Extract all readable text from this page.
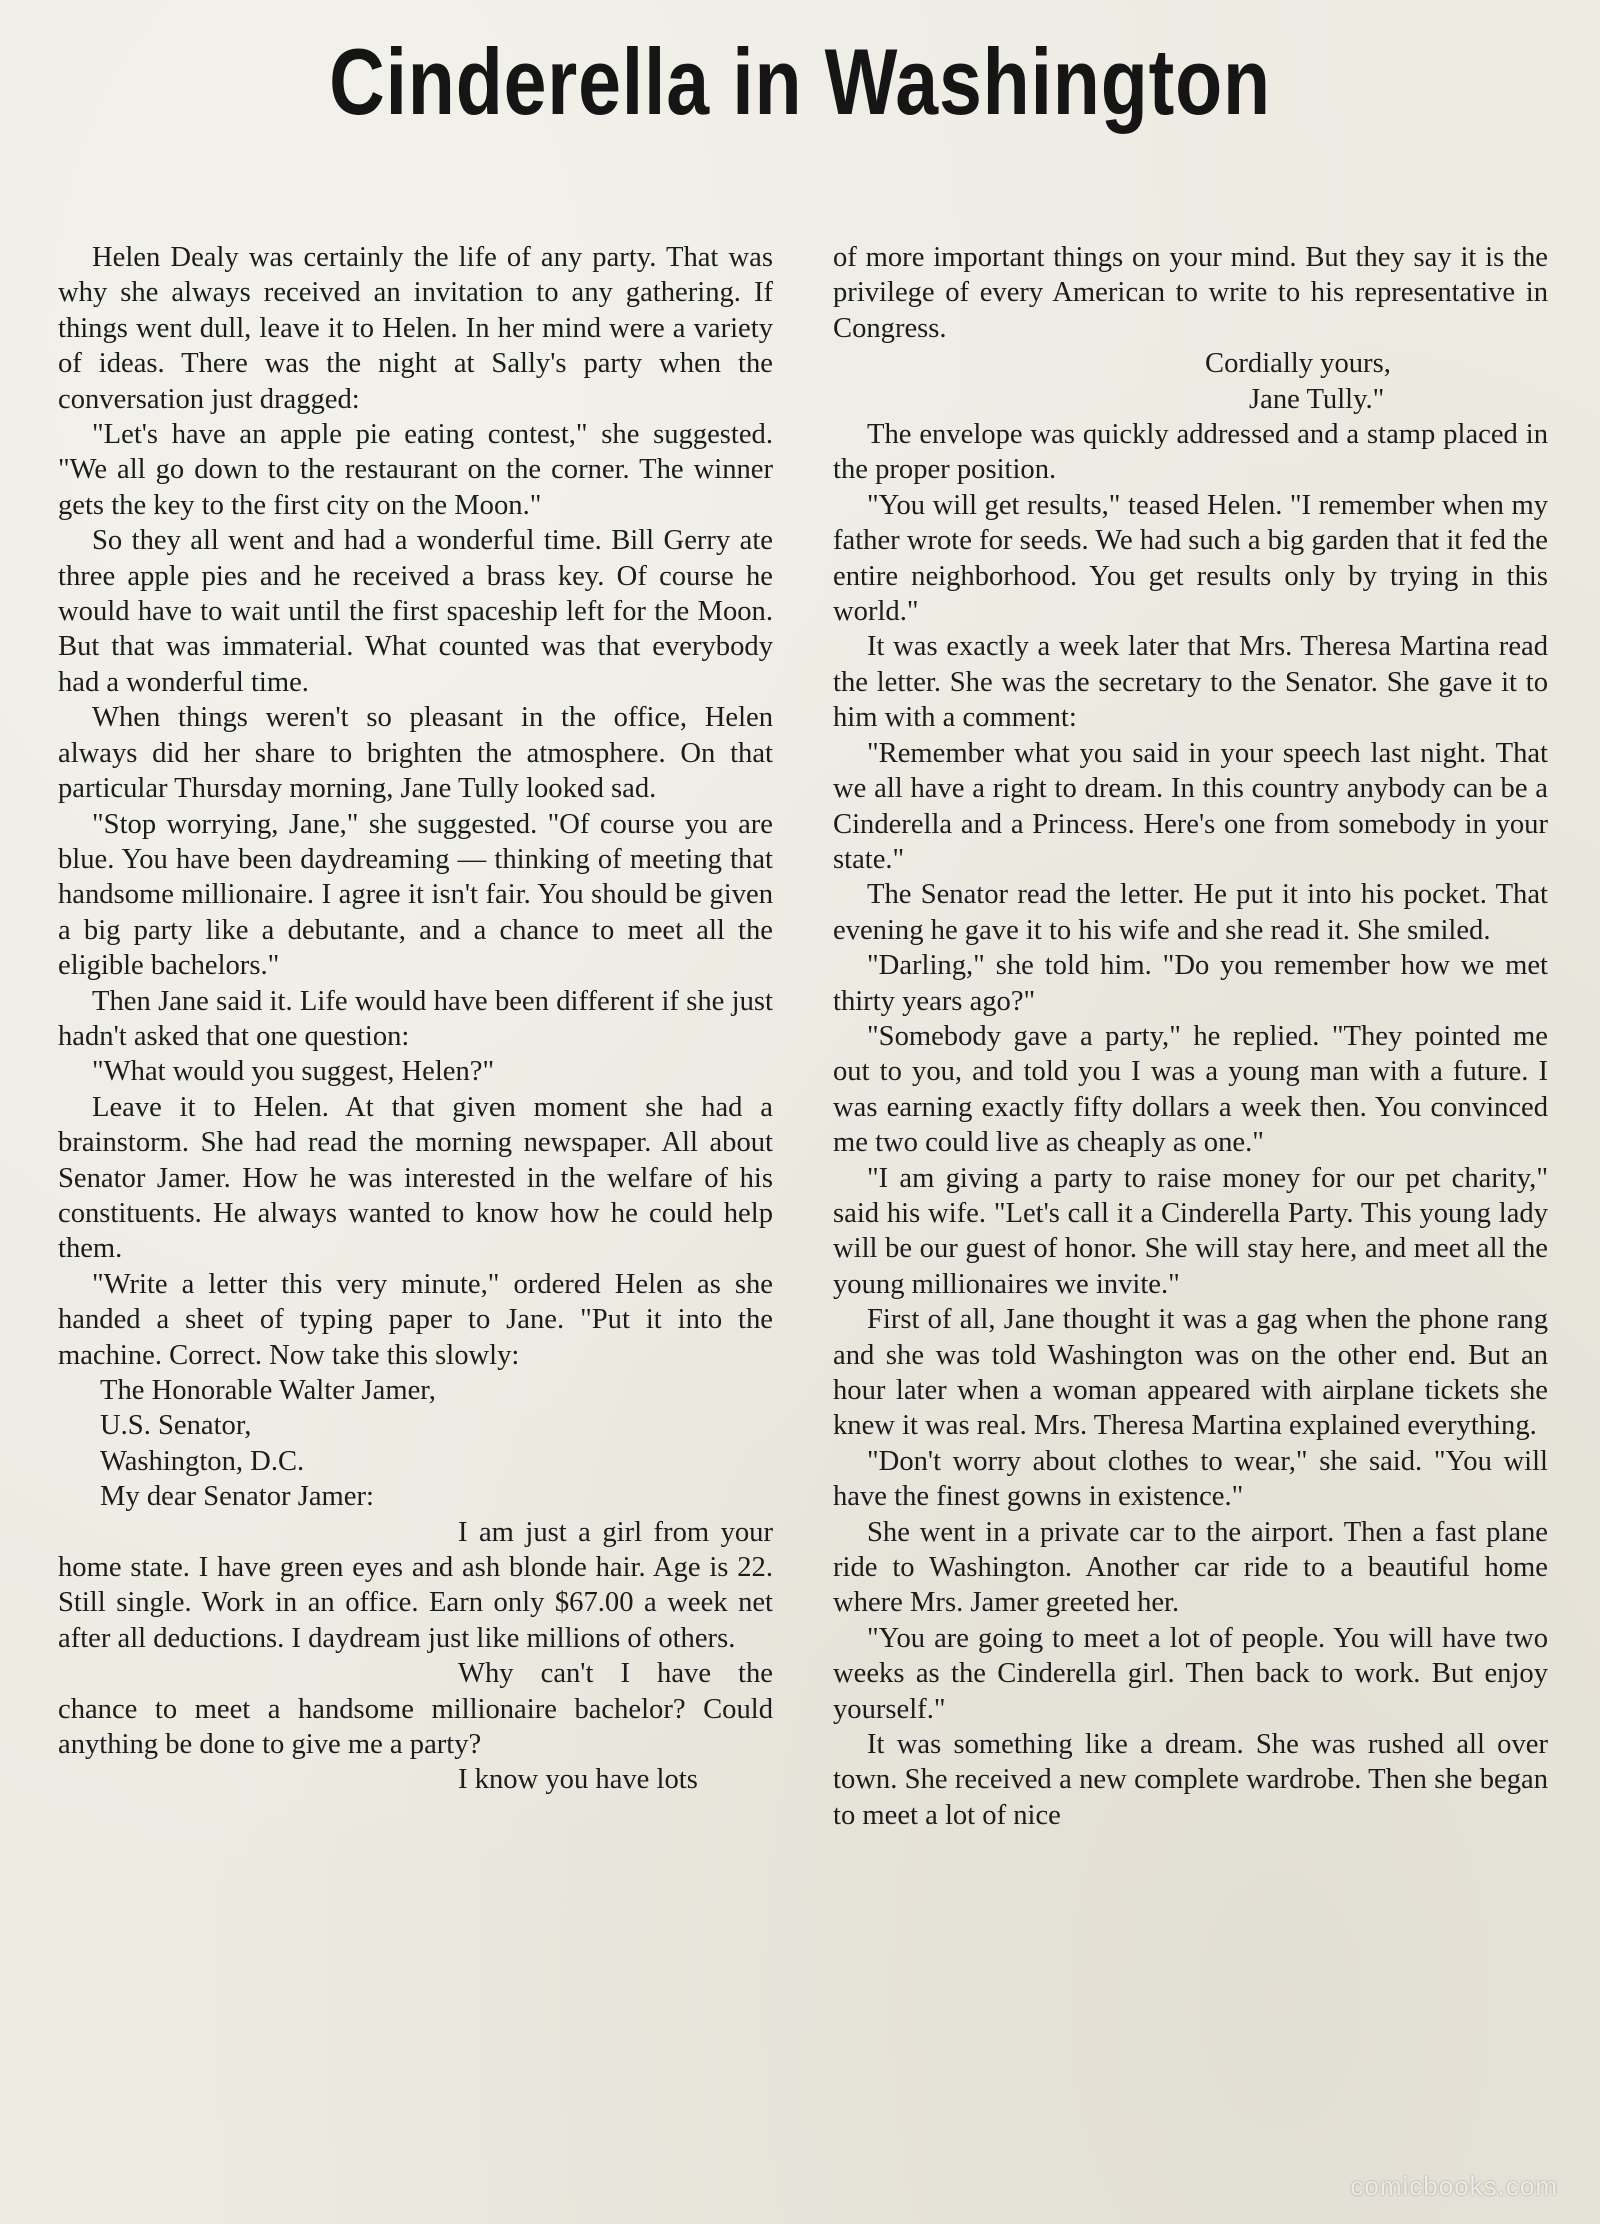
Cinderella in Washington

Helen Dealy was certainly the life of any party. That was why she always received an invitation to any gathering. If things went dull, leave it to Helen. In her mind were a variety of ideas. There was the night at Sally's party when the conversation just dragged:

"Let's have an apple pie eating contest," she suggested. "We all go down to the restaurant on the corner. The winner gets the key to the first city on the Moon."

So they all went and had a wonderful time. Bill Gerry ate three apple pies and he received a brass key. Of course he would have to wait until the first spaceship left for the Moon. But that was immaterial. What counted was that everybody had a wonderful time.

When things weren't so pleasant in the office, Helen always did her share to brighten the atmosphere. On that particular Thursday morning, Jane Tully looked sad.

"Stop worrying, Jane," she suggested. "Of course you are blue. You have been daydreaming — thinking of meeting that handsome millionaire. I agree it isn't fair. You should be given a big party like a debutante, and a chance to meet all the eligible bachelors."

Then Jane said it. Life would have been different if she just hadn't asked that one question:

"What would you suggest, Helen?"

Leave it to Helen. At that given moment she had a brainstorm. She had read the morning newspaper. All about Senator Jamer. How he was interested in the welfare of his constituents. He always wanted to know how he could help them.

"Write a letter this very minute," ordered Helen as she handed a sheet of typing paper to Jane. "Put it into the machine. Correct. Now take this slowly:

The Honorable Walter Jamer,

U.S. Senator,

Washington, D.C.

My dear Senator Jamer:

I am just a girl from your home state. I have green eyes and ash blonde hair. Age is 22. Still single. Work in an office. Earn only $67.00 a week net after all deductions. I daydream just like millions of others.

Why can't I have the chance to meet a handsome millionaire bachelor? Could anything be done to give me a party?

I know you have lots

of more important things on your mind. But they say it is the privilege of every American to write to his representative in Congress.

Cordially yours,

Jane Tully."

The envelope was quickly addressed and a stamp placed in the proper position.

"You will get results," teased Helen. "I remember when my father wrote for seeds. We had such a big garden that it fed the entire neighborhood. You get results only by trying in this world."

It was exactly a week later that Mrs. Theresa Martina read the letter. She was the secretary to the Senator. She gave it to him with a comment:

"Remember what you said in your speech last night. That we all have a right to dream. In this country anybody can be a Cinderella and a Princess. Here's one from somebody in your state."

The Senator read the letter. He put it into his pocket. That evening he gave it to his wife and she read it. She smiled.

"Darling," she told him. "Do you remember how we met thirty years ago?"

"Somebody gave a party," he replied. "They pointed me out to you, and told you I was a young man with a future. I was earning exactly fifty dollars a week then. You convinced me two could live as cheaply as one."

"I am giving a party to raise money for our pet charity," said his wife. "Let's call it a Cinderella Party. This young lady will be our guest of honor. She will stay here, and meet all the young millionaires we invite."

First of all, Jane thought it was a gag when the phone rang and she was told Washington was on the other end. But an hour later when a woman appeared with airplane tickets she knew it was real. Mrs. Theresa Martina explained everything.

"Don't worry about clothes to wear," she said. "You will have the finest gowns in existence."

She went in a private car to the airport. Then a fast plane ride to Washington. Another car ride to a beautiful home where Mrs. Jamer greeted her.

"You are going to meet a lot of people. You will have two weeks as the Cinderella girl. Then back to work. But enjoy yourself."

It was something like a dream. She was rushed all over town. She received a new complete wardrobe. Then she began to meet a lot of nice

comicbooks.com
